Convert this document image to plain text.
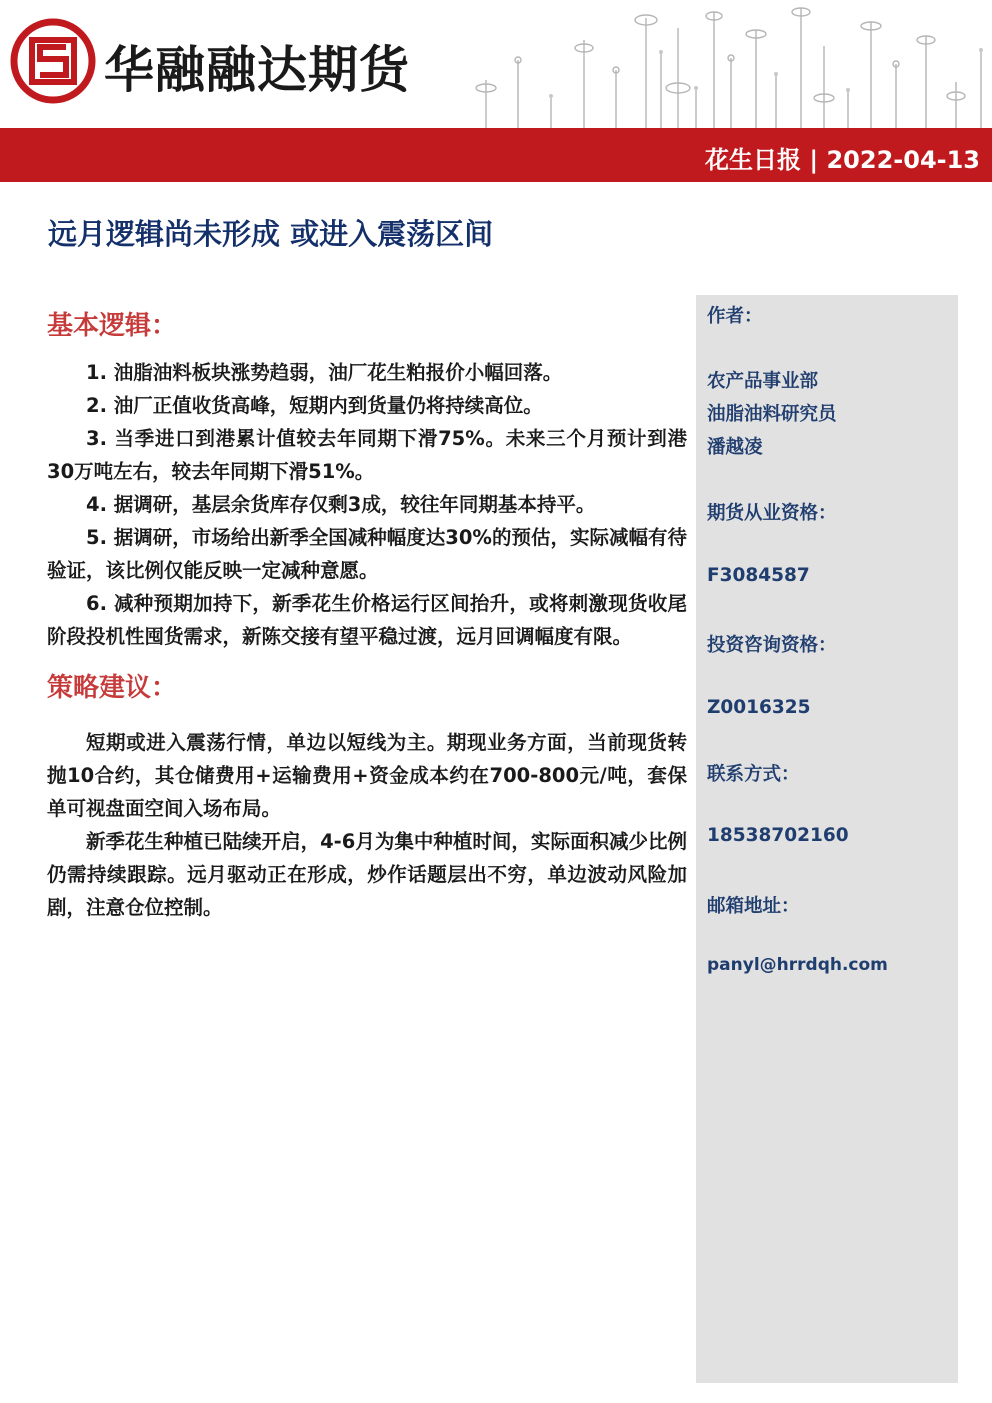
华融融达期货
花生日报 | 2022-04-13
远月逻辑尚未形成 或进入震荡区间
基本逻辑：

1. 油脂油料板块涨势趋弱，油厂花生粕报价小幅回落。

2. 油厂正值收货高峰，短期内到货量仍将持续高位。

3. 当季进口到港累计值较去年同期下滑75%。未来三个月预计到港30万吨左右，较去年同期下滑51%。

4. 据调研，基层余货库存仅剩3成，较往年同期基本持平。

5. 据调研，市场给出新季全国减种幅度达30%的预估，实际减幅有待验证，该比例仅能反映一定减种意愿。

6. 减种预期加持下，新季花生价格运行区间抬升，或将刺激现货收尾阶段投机性囤货需求，新陈交接有望平稳过渡，远月回调幅度有限。

策略建议：

短期或进入震荡行情，单边以短线为主。期现业务方面，当前现货转抛10合约，其仓储费用+运输费用+资金成本约在700-800元/吨，套保单可视盘面空间入场布局。

新季花生种植已陆续开启，4-6月为集中种植时间，实际面积减少比例仍需持续跟踪。远月驱动正在形成，炒作话题层出不穷，单边波动风险加剧，注意仓位控制。

作者：
农产品事业部
油脂油料研究员
潘越凌
期货从业资格：
F3084587
投资咨询资格：
Z0016325
联系方式：
18538702160
邮箱地址：
panyl@hrrdqh.com
